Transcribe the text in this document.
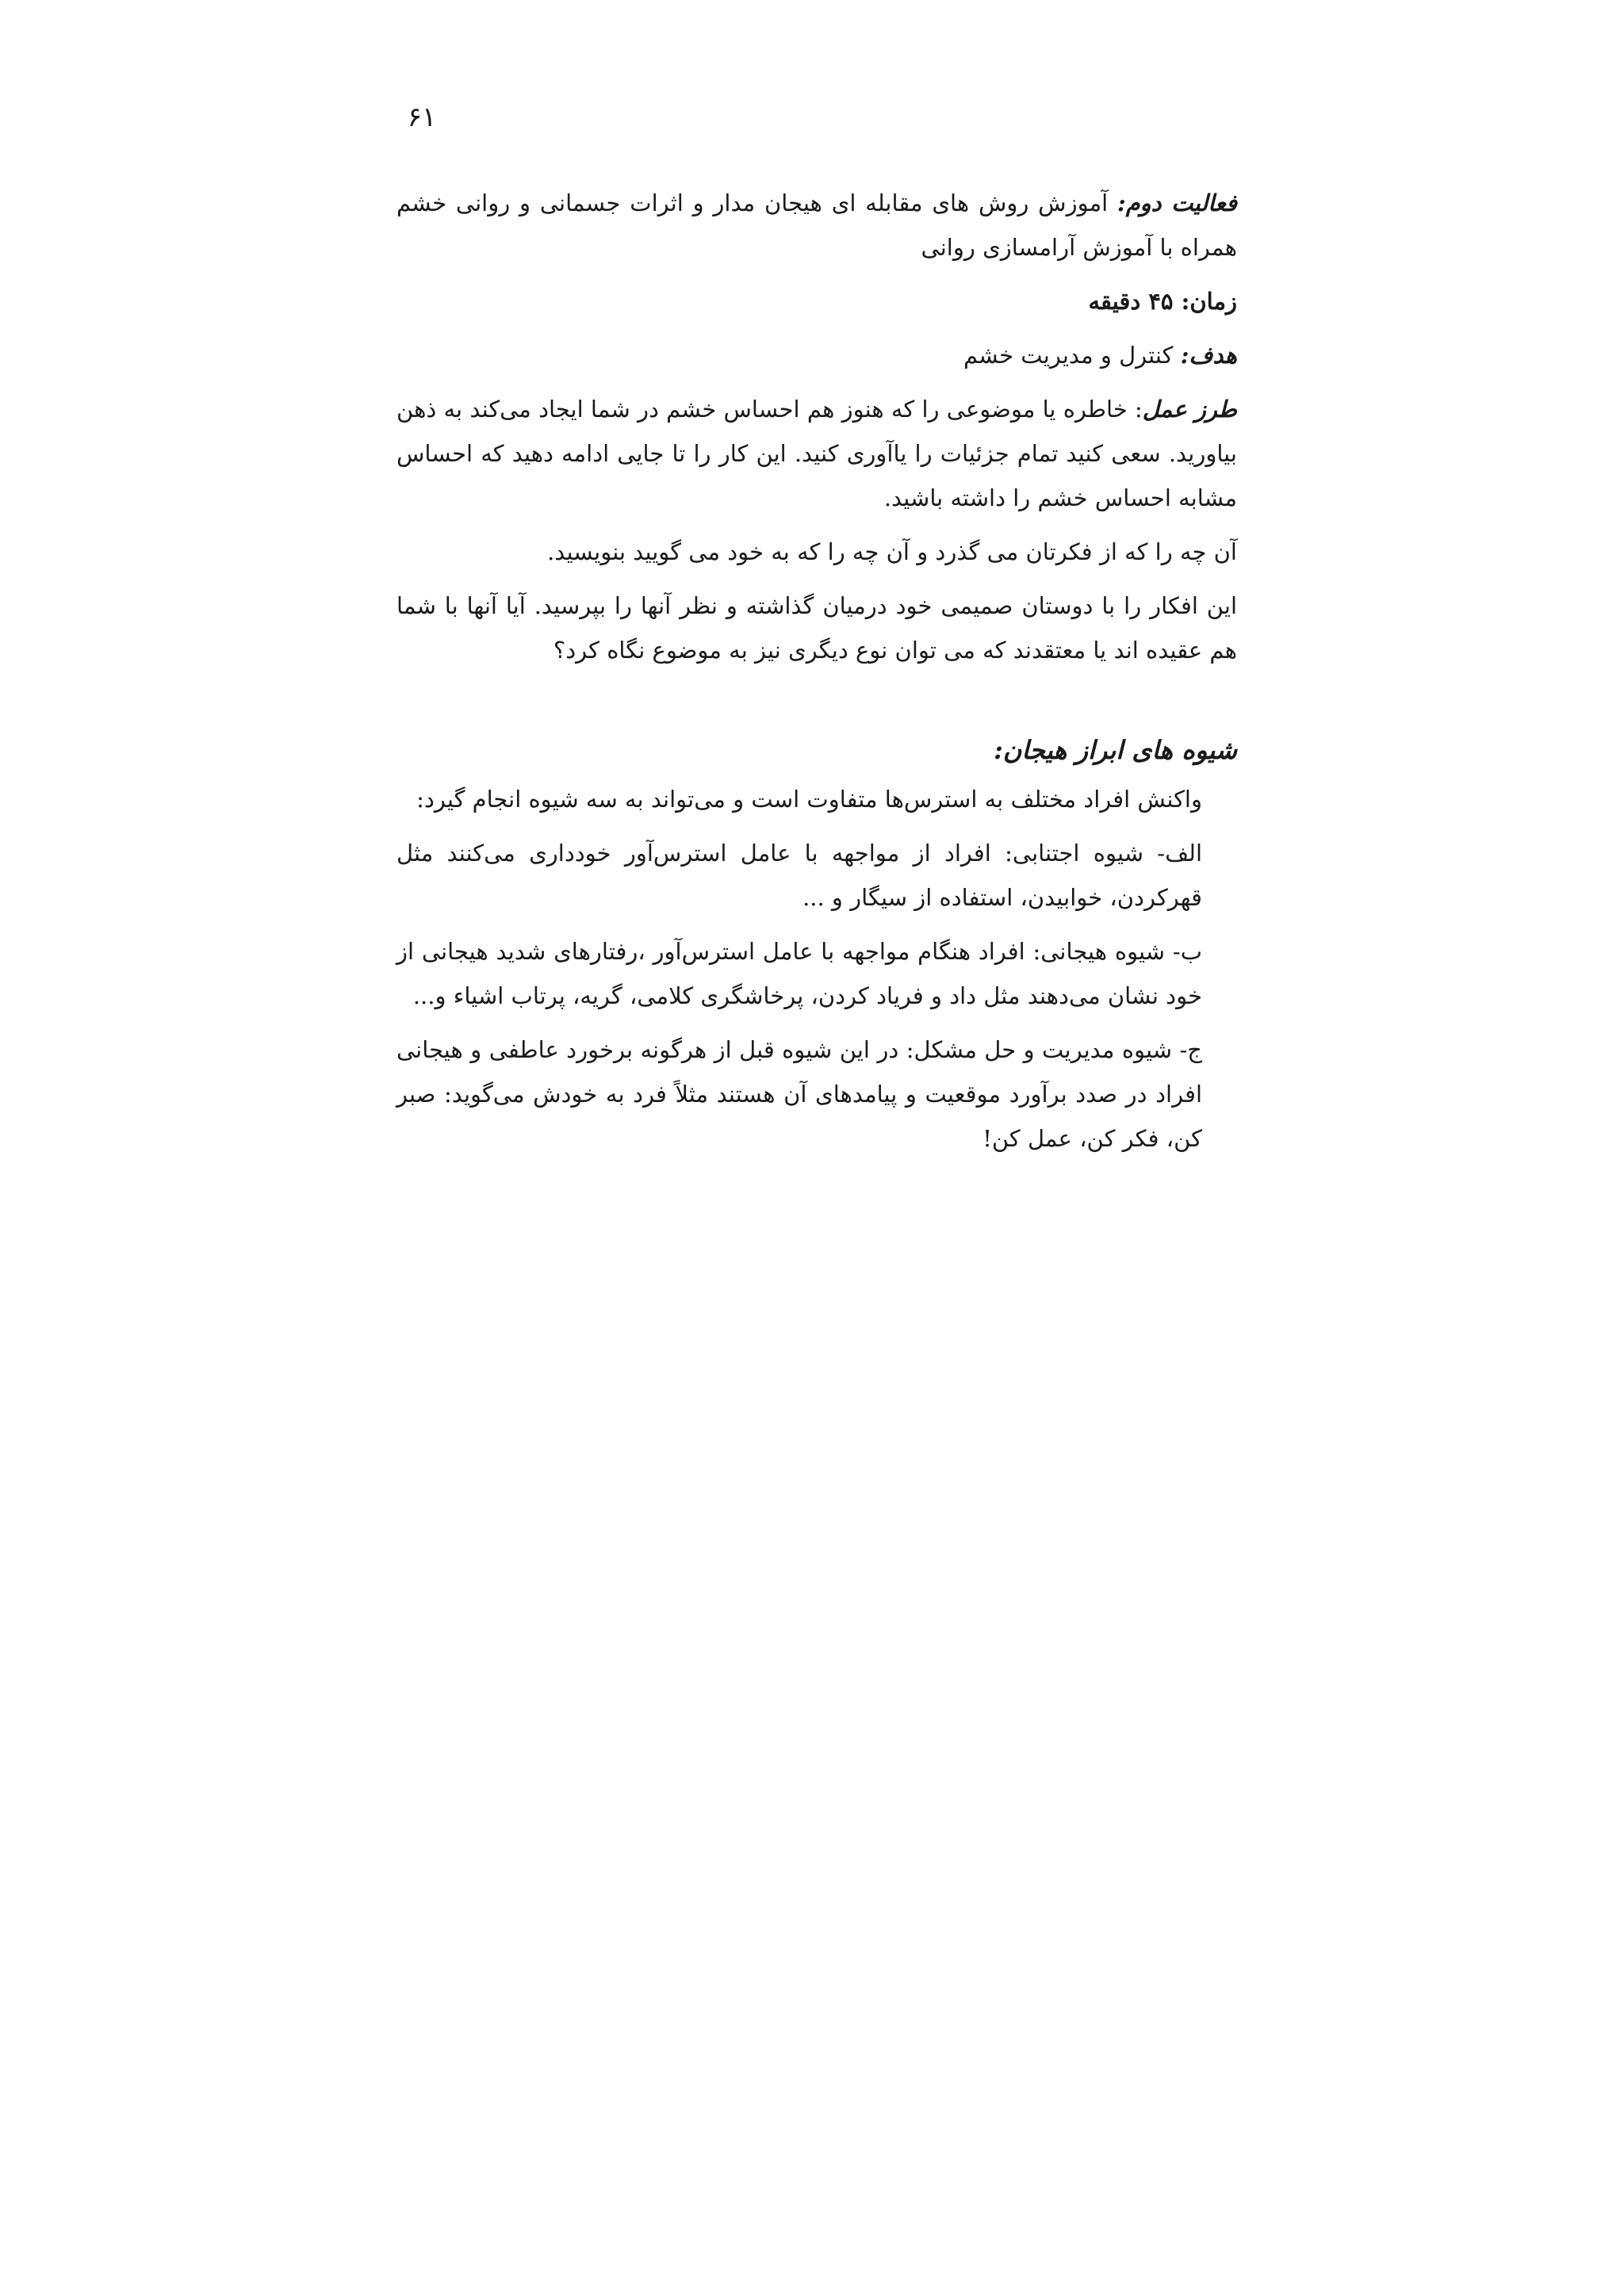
۶۱

فعالیت دوم: آموزش روش های مقابله ای هیجان مدار و اثرات جسمانی و روانی خشم همراه با آموزش آرامسازی روانی

زمان: ۴۵ دقیقه

هدف: کنترل و مدیریت خشم

طرز عمل: خاطره یا موضوعی را که هنوز هم احساس خشم در شما ایجاد می‌کند به ذهن بیاورید. سعی کنید تمام جزئیات را یاآوری کنید. این کار را تا جایی ادامه دهید که احساس مشابه احساس خشم را داشته باشید.

آن چه را که از فکرتان می گذرد و آن چه را که به خود می گویید بنویسید.

این افکار را با دوستان صمیمی خود درمیان گذاشته و نظر آنها را بپرسید. آیا آنها با شما هم عقیده اند یا معتقدند که می توان نوع دیگری نیز به موضوع نگاه کرد؟

شیوه های ابراز هیجان:

واکنش افراد مختلف به استرس‌ها متفاوت است و می‌تواند به سه شیوه انجام گیرد:

الف- شیوه اجتنابی: افراد از مواجهه با عامل استرس‌آور خودداری می‌کنند مثل قهرکردن، خوابیدن، استفاده از سیگار و ...

ب- شیوه هیجانی: افراد هنگام مواجهه با عامل استرس‌آور ،رفتارهای شدید هیجانی از خود نشان می‌دهند مثل داد و فریاد کردن، پرخاشگری کلامی، گریه، پرتاب اشیاء و...

ج- شیوه مدیریت و حل مشکل: در این شیوه قبل از هرگونه برخورد عاطفی و هیجانی افراد در صدد برآورد موقعیت و پیامدهای آن هستند مثلاً فرد به خودش می‌گوید: صبر کن، فکر کن، عمل کن!
